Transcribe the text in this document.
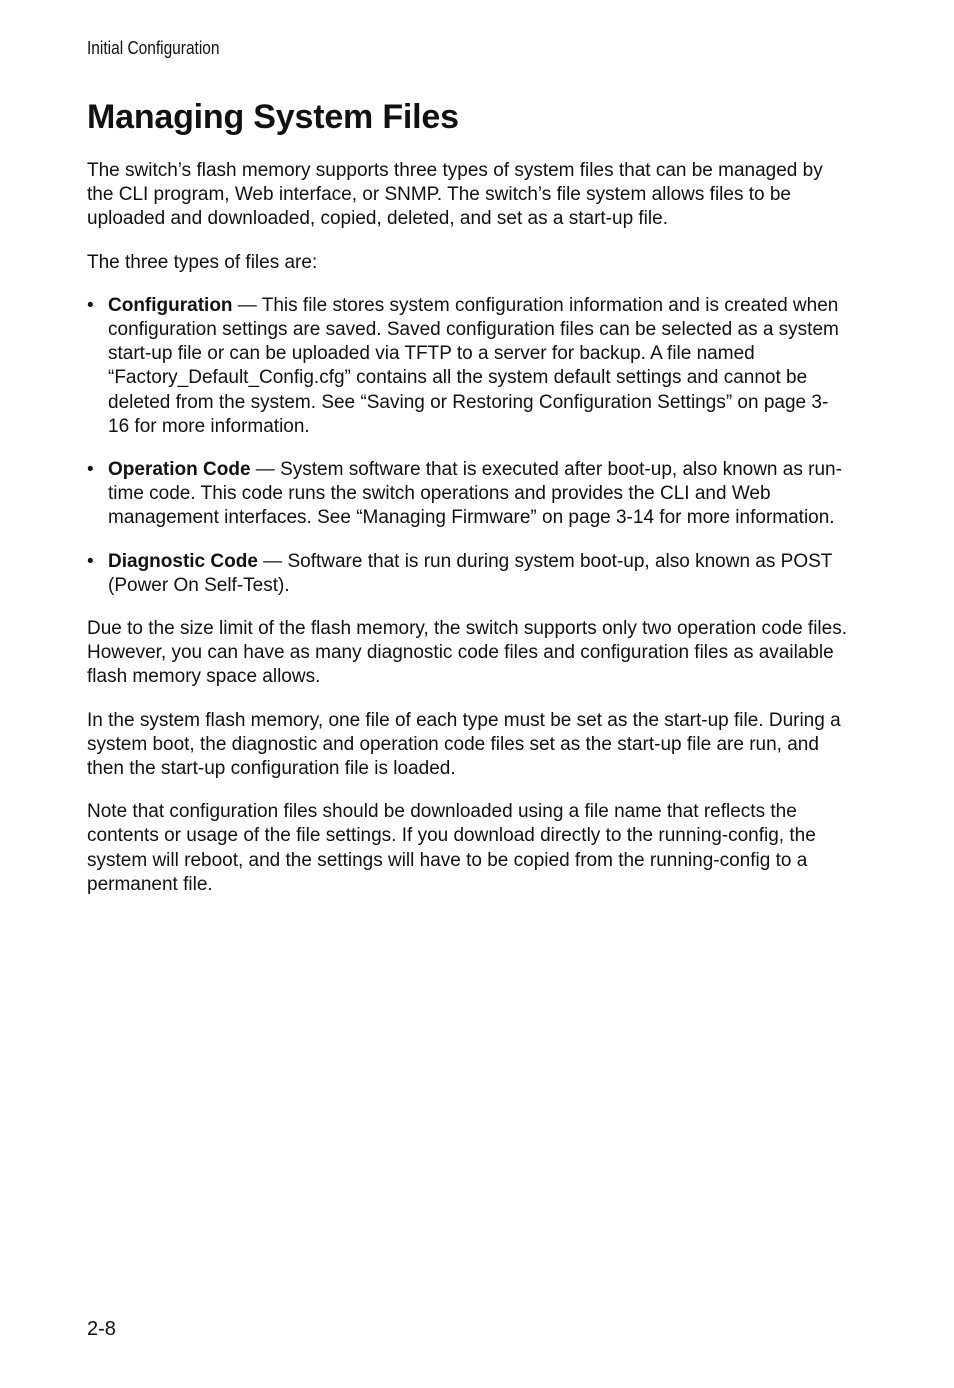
Initial Configuration
Managing System Files

The switch’s flash memory supports three types of system files that can be managed by the CLI program, Web interface, or SNMP. The switch’s file system allows files to be uploaded and downloaded, copied, deleted, and set as a start-up file.

The three types of files are:

• Configuration — This file stores system configuration information and is created when configuration settings are saved. Saved configuration files can be selected as a system start-up file or can be uploaded via TFTP to a server for backup. A file named “Factory_Default_Config.cfg” contains all the system default settings and cannot be deleted from the system. See “Saving or Restoring Configuration Settings” on page 3-16 for more information.
• Operation Code — System software that is executed after boot-up, also known as run-time code. This code runs the switch operations and provides the CLI and Web management interfaces. See “Managing Firmware” on page 3-14 for more information.
• Diagnostic Code — Software that is run during system boot-up, also known as POST (Power On Self-Test).

Due to the size limit of the flash memory, the switch supports only two operation code files. However, you can have as many diagnostic code files and configuration files as available flash memory space allows.

In the system flash memory, one file of each type must be set as the start-up file. During a system boot, the diagnostic and operation code files set as the start-up file are run, and then the start-up configuration file is loaded.

Note that configuration files should be downloaded using a file name that reflects the contents or usage of the file settings. If you download directly to the running-config, the system will reboot, and the settings will have to be copied from the running-config to a permanent file.

2-8
